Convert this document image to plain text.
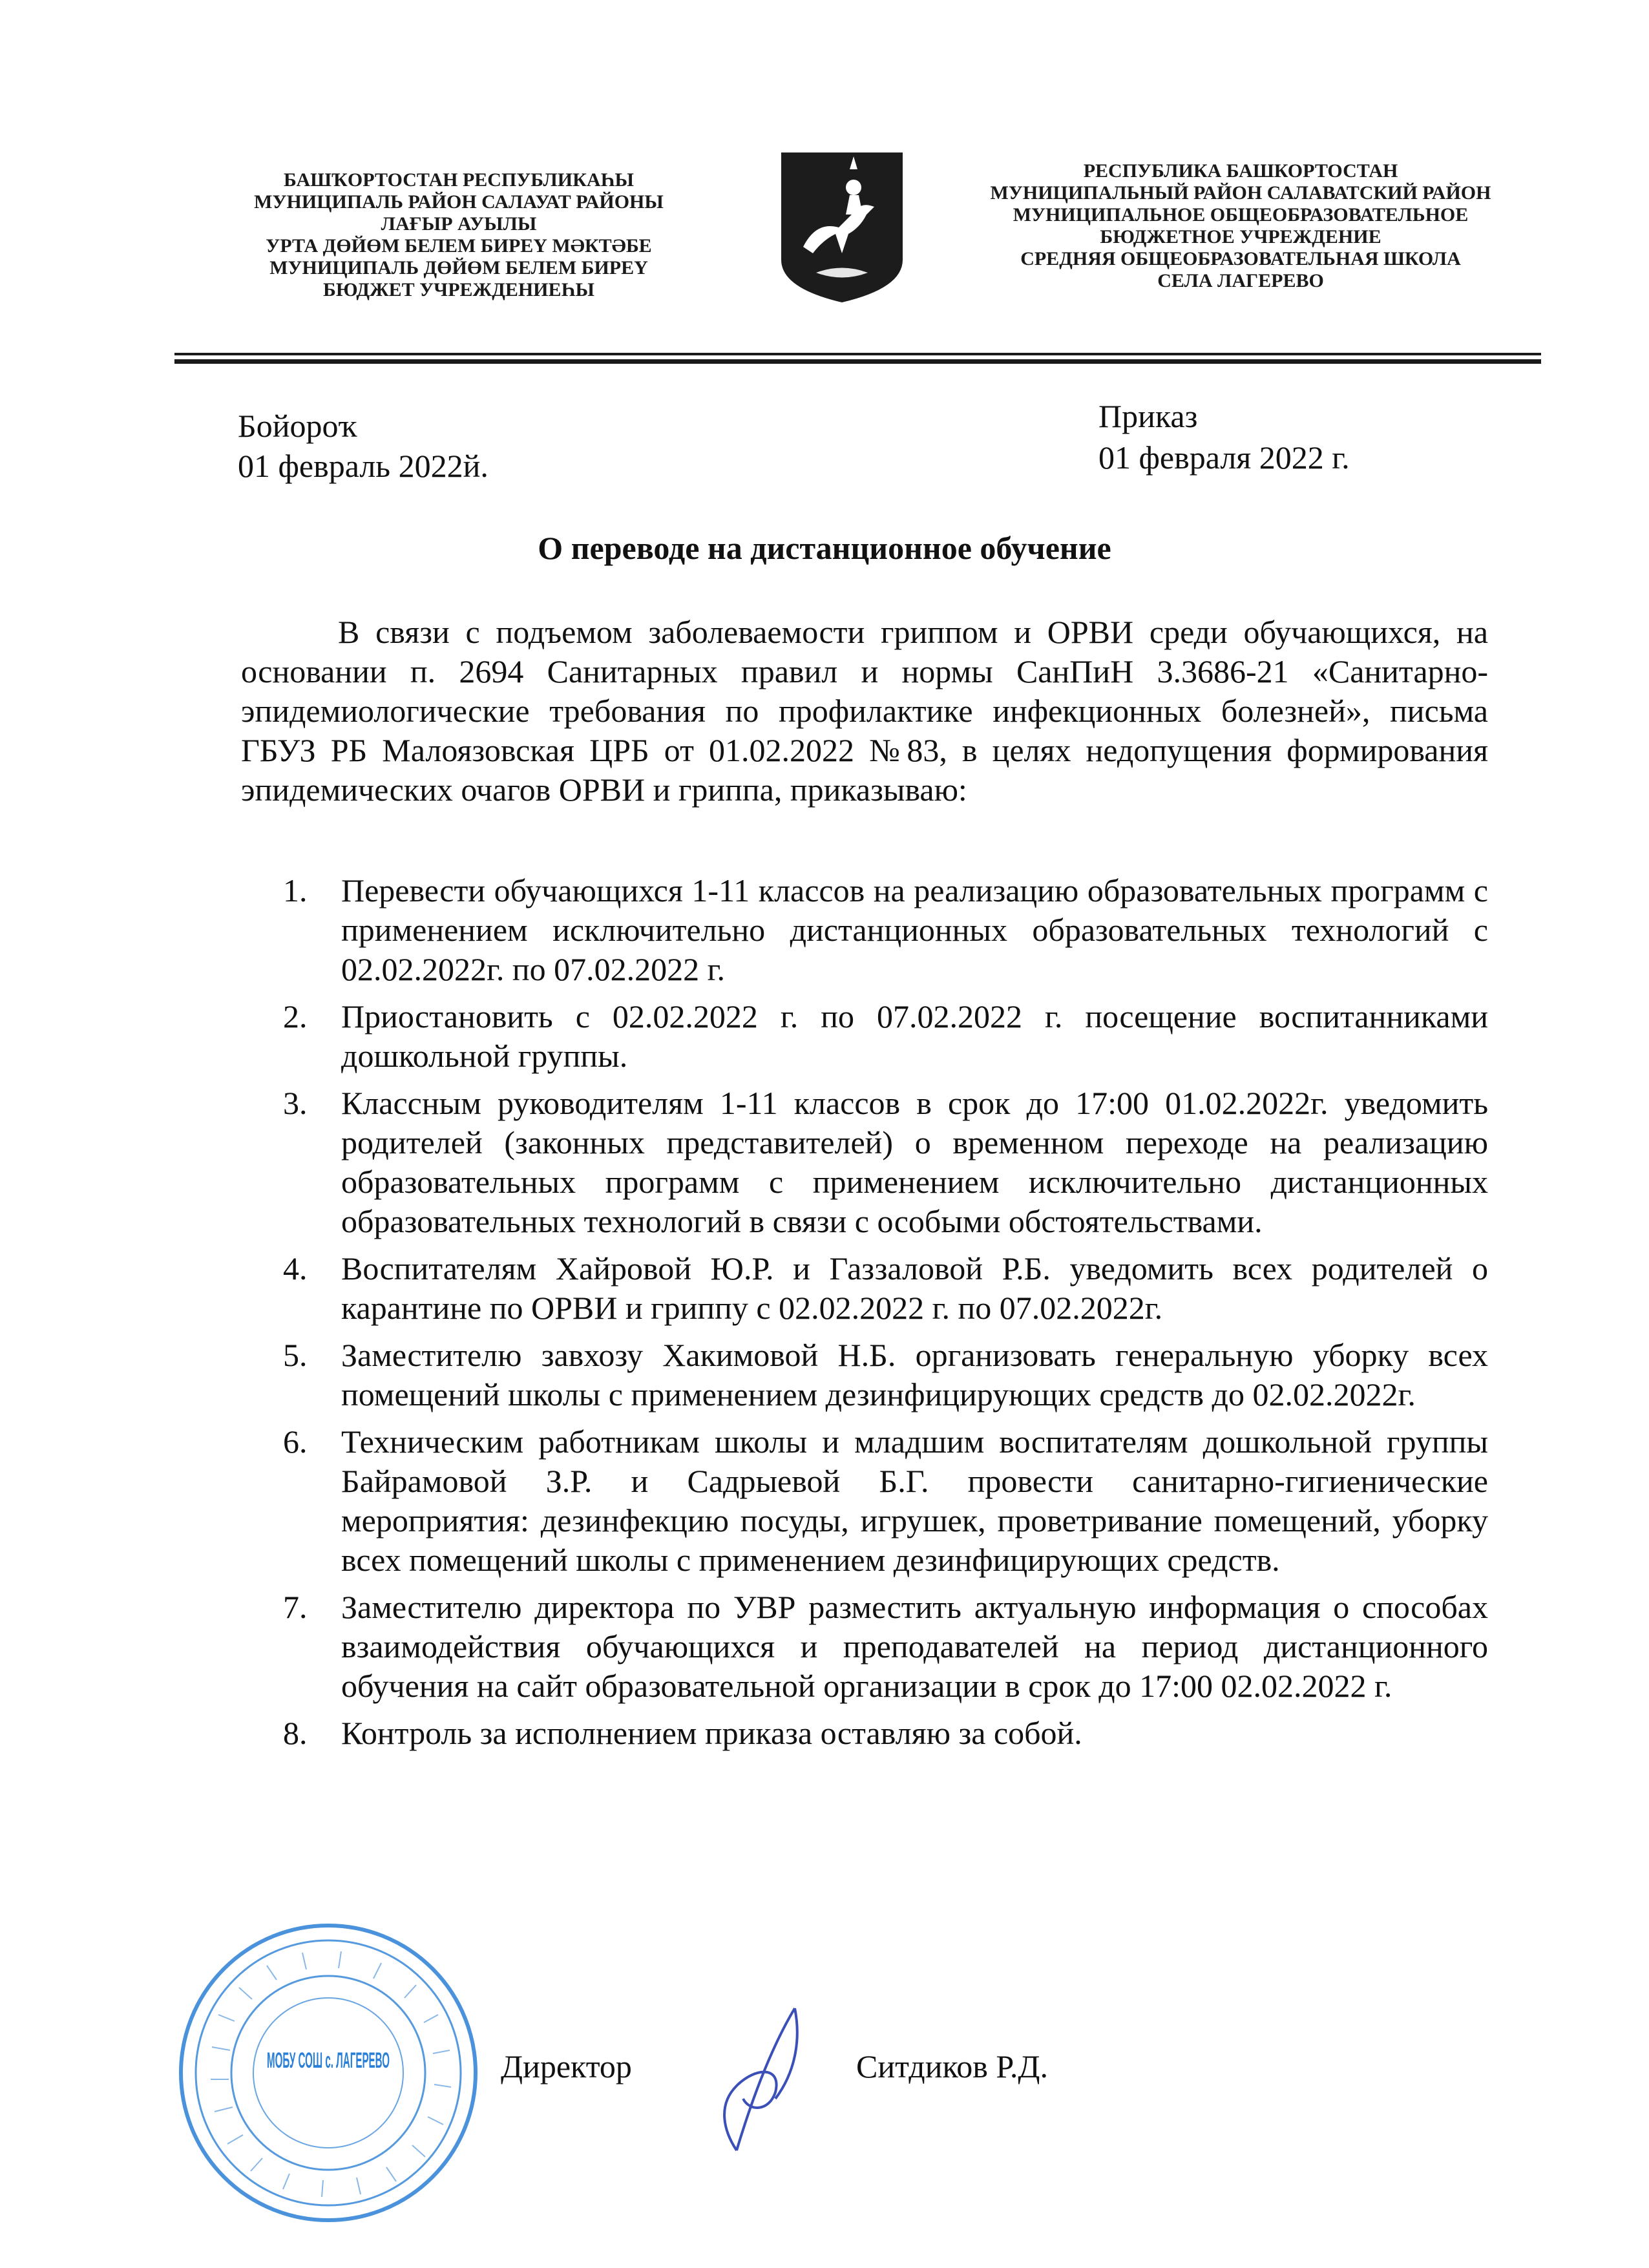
БАШҠОРТОСТАН РЕСПУБЛИКАҺЫ
МУНИЦИПАЛЬ РАЙОН САЛАУАТ РАЙОНЫ
ЛАҒЫР АУЫЛЫ
УРТА ДӨЙӨМ БЕЛЕМ БИРЕҮ МӘКТӘБЕ
МУНИЦИПАЛЬ ДӨЙӨМ БЕЛЕМ БИРЕҮ
БЮДЖЕТ УЧРЕЖДЕНИЕҺЫ
РЕСПУБЛИКА БАШКОРТОСТАН
МУНИЦИПАЛЬНЫЙ РАЙОН САЛАВАТСКИЙ РАЙОН
МУНИЦИПАЛЬНОЕ ОБЩЕОБРАЗОВАТЕЛЬНОЕ
БЮДЖЕТНОЕ УЧРЕЖДЕНИЕ
СРЕДНЯЯ ОБЩЕОБРАЗОВАТЕЛЬНАЯ ШКОЛА
СЕЛА ЛАГЕРЕВО
Бойороҡ
01 февраль 2022й.
Приказ
01 февраля 2022 г.
О переводе на дистанционное обучение

В связи с подъемом заболеваемости гриппом и ОРВИ среди обучающихся, на основании п. 2694 Санитарных правил и нормы СанПиН 3.3686-21 «Санитарно-эпидемиологические требования по профилактике инфекционных болезней», письма ГБУЗ РБ Малоязовская ЦРБ от 01.02.2022 №83, в целях недопущения формирования эпидемических очагов ОРВИ и гриппа, приказываю:

1. Перевести обучающихся 1-11 классов на реализацию образовательных программ с применением исключительно дистанционных образовательных технологий с 02.02.2022г. по 07.02.2022 г.
2. Приостановить с 02.02.2022 г. по 07.02.2022 г. посещение воспитанниками дошкольной группы.
3. Классным руководителям 1-11 классов в срок до 17:00 01.02.2022г. уведомить родителей (законных представителей) о временном переходе на реализацию образовательных программ с применением исключительно дистанционных образовательных технологий в связи с особыми обстоятельствами.
4. Воспитателям Хайровой Ю.Р. и Газзаловой Р.Б. уведомить всех родителей о карантине по ОРВИ и гриппу с 02.02.2022 г. по 07.02.2022г.
5. Заместителю завхозу Хакимовой Н.Б. организовать генеральную уборку всех помещений школы с применением дезинфицирующих средств до 02.02.2022г.
6. Техническим работникам школы и младшим воспитателям дошкольной группы Байрамовой З.Р. и Садрыевой Б.Г. провести санитарно-гигиенические мероприятия: дезинфекцию посуды, игрушек, проветривание помещений, уборку всех помещений школы с применением дезинфицирующих средств.
7. Заместителю директора по УВР разместить актуальную информация о способах взаимодействия обучающихся и преподавателей на период дистанционного обучения на сайт образовательной организации в срок до 17:00 02.02.2022 г.
8. Контроль за исполнением приказа оставляю за собой.
МОБУ СОШ с. ЛАГЕРЕВО	Директор	Ситдиков Р.Д.
